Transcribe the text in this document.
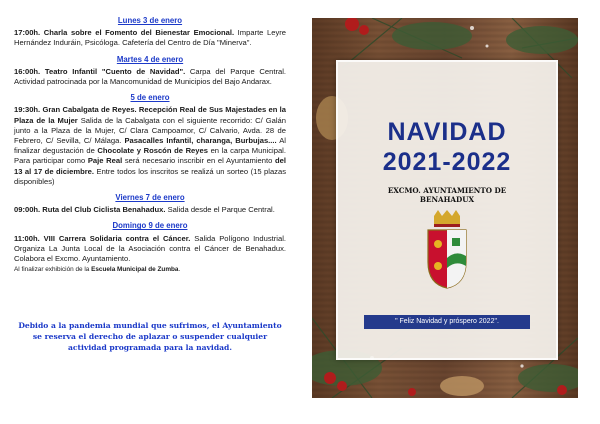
Lunes 3 de enero
17:00h. Charla sobre el Fomento del Bienestar Emocional. Imparte Leyre Hernández Induráin, Psicóloga. Cafetería del Centro de Día "Minerva".
Martes 4 de enero
16:00h. Teatro Infantil "Cuento de Navidad". Carpa del Parque Central. Actividad patrocinada por la Mancomunidad de Municipios del Bajo Andarax.
5 de enero
19:30h. Gran Cabalgata de Reyes. Recepción Real de Sus Majestades en la Plaza de la Mujer Salida de la Cabalgata con el siguiente recorrido: C/ Galán junto a la Plaza de la Mujer, C/ Clara Campoamor, C/ Calvario, Avda. 28 de Febrero, C/ Sevilla, C/ Málaga. Pasacalles Infantil, charanga, Burbujas.... Al finalizar degustación de Chocolate y Roscón de Reyes en la carpa Municipal. Para participar como Paje Real será necesario inscribir en el Ayuntamiento del 13 al 17 de diciembre. Entre todos los inscritos se realizá un sorteo (15 plazas disponibles)
Viernes 7 de enero
09:00h. Ruta del Club Ciclista Benahadux. Salida desde el Parque Central.
Domingo 9 de enero
11:00h. VIII Carrera Solidaria contra el Cáncer. Salida Polígono Industrial. Organiza La Junta Local de la Asociación contra el Cáncer de Benahadux. Colabora el Excmo. Ayuntamiento.
Al finalizar exhibición de la Escuela Municipal de Zumba.
Debido a la pandemia mundial que sufrimos, el Ayuntamiento se reserva el derecho de aplazar o suspender cualquier actividad programada para la navidad.
NAVIDAD
2021-2022
EXCMO. AYUNTAMIENTO DE
BENAHADUX
" Feliz Navidad y próspero 2022".
